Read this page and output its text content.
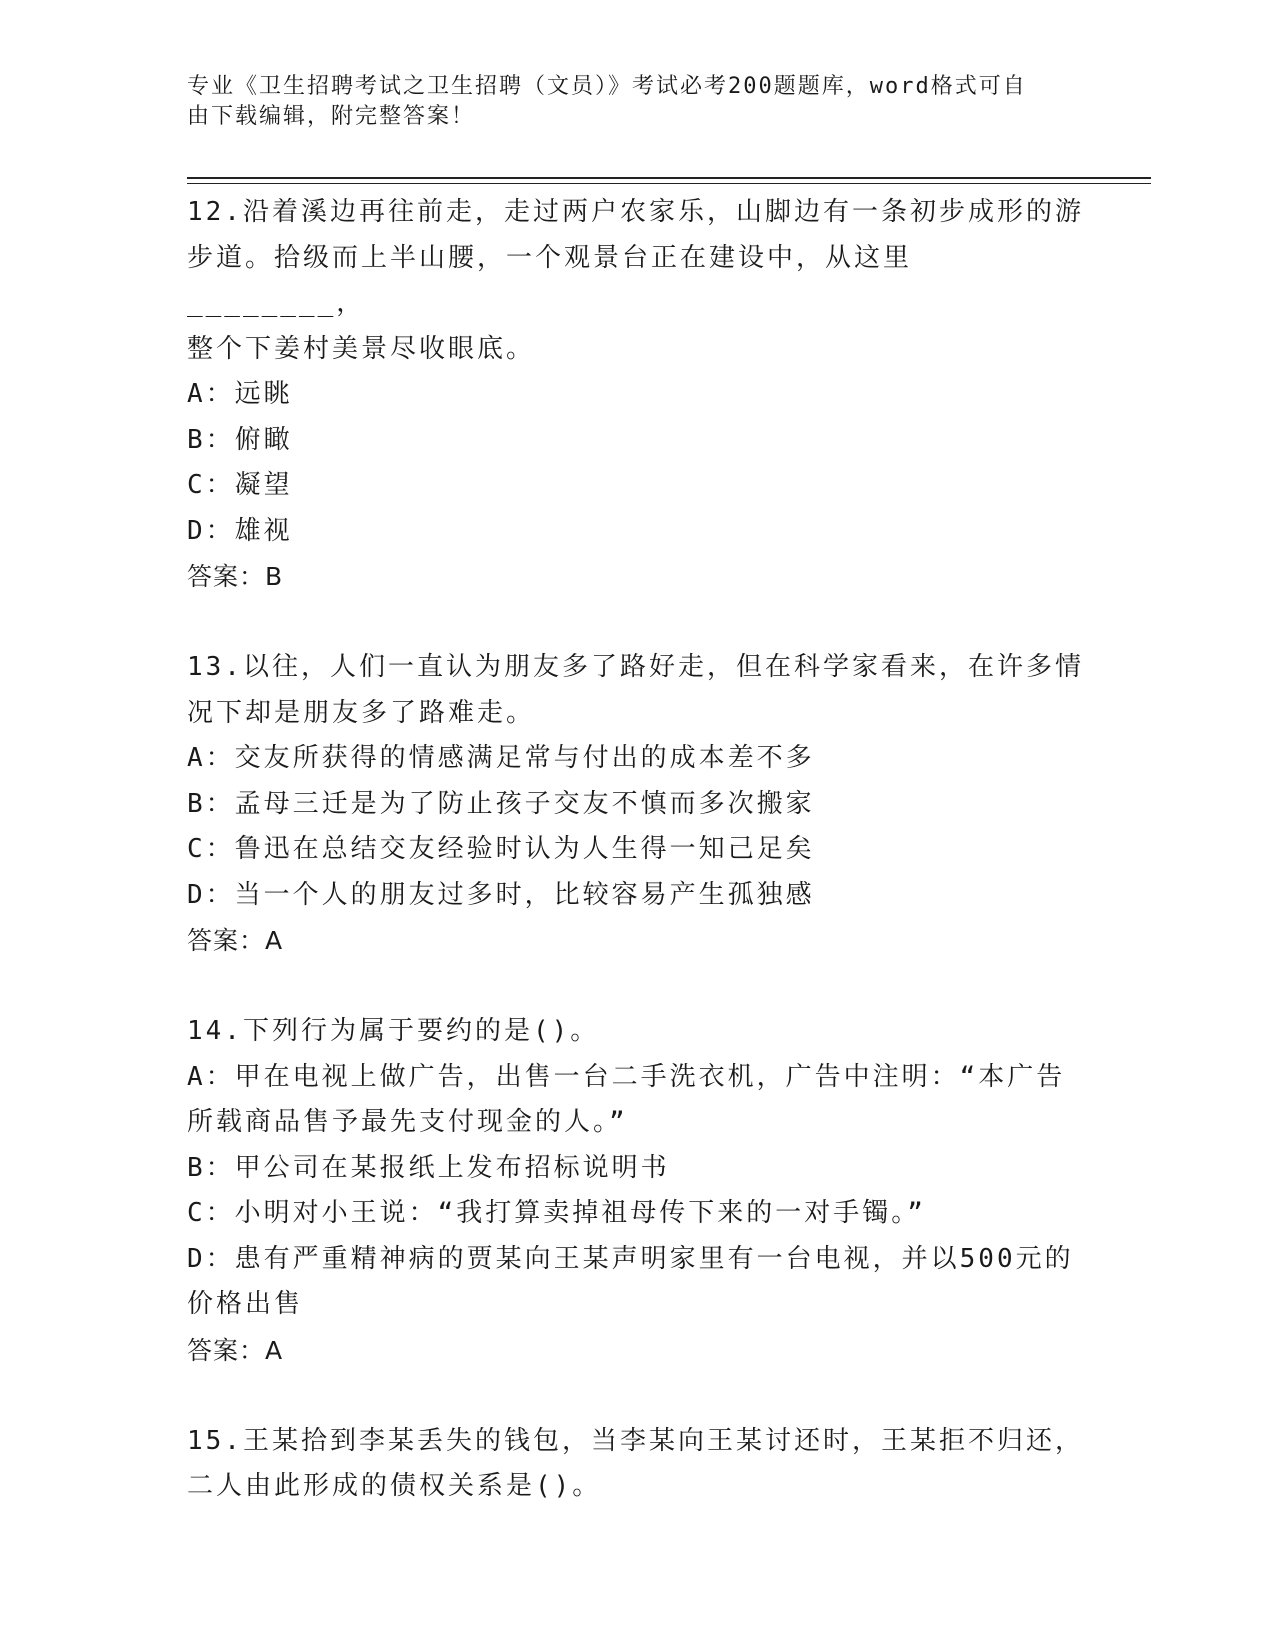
专业《卫生招聘考试之卫生招聘（文员）》考试必考200题题库，word格式可自
由下载编辑，附完整答案！
12.沿着溪边再往前走，走过两户农家乐，山脚边有一条初步成形的游
步道。拾级而上半山腰，一个观景台正在建设中，从这里________，
整个下姜村美景尽收眼底。
A：远眺
B：俯瞰
C：凝望
D：雄视
答案：B
13.以往，人们一直认为朋友多了路好走，但在科学家看来，在许多情
况下却是朋友多了路难走。
A：交友所获得的情感满足常与付出的成本差不多
B：孟母三迁是为了防止孩子交友不慎而多次搬家
C：鲁迅在总结交友经验时认为人生得一知己足矣
D：当一个人的朋友过多时，比较容易产生孤独感
答案：A
14.下列行为属于要约的是()。
A：甲在电视上做广告，出售一台二手洗衣机，广告中注明：“本广告
所载商品售予最先支付现金的人。”
B：甲公司在某报纸上发布招标说明书
C：小明对小王说：“我打算卖掉祖母传下来的一对手镯。”
D：患有严重精神病的贾某向王某声明家里有一台电视，并以500元的
价格出售
答案：A
15.王某拾到李某丢失的钱包，当李某向王某讨还时，王某拒不归还，
二人由此形成的债权关系是()。
